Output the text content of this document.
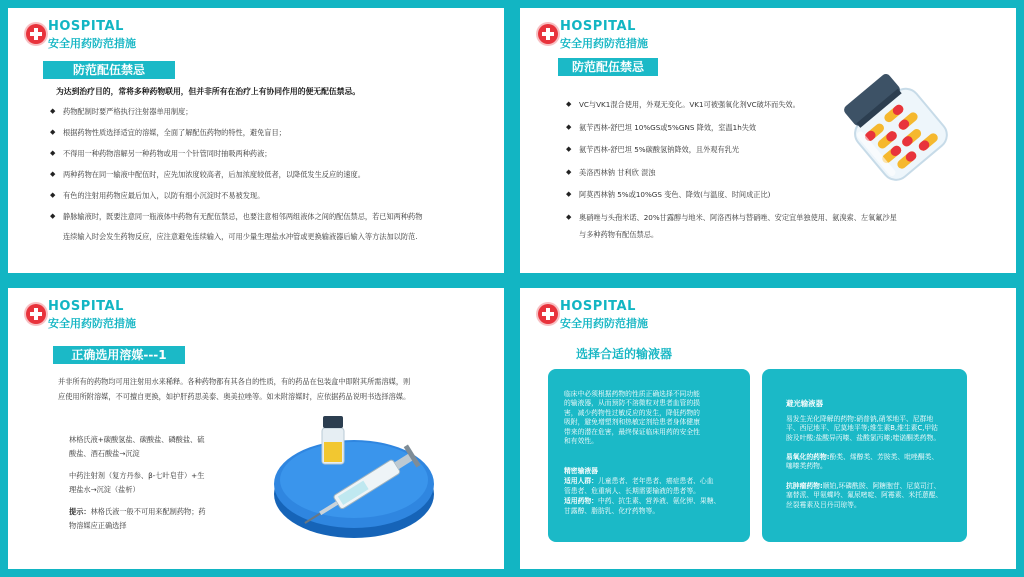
HOSPITAL
安全用药防范措施
防范配伍禁忌
为达到治疗目的，常将多种药物联用，但并非所有在治疗上有协同作用的便无配伍禁忌。
◆ 药物配制时要严格执行注射器单用制度；
◆ 根据药物性质选择适宜的溶媒，全面了解配伍药物的特性，避免盲目；
◆ 不得用一种药物溶解另一种药物或用一个针管同时抽吸两种药液；
◆ 两种药物在同一输液中配伍时，应先加浓度较高者，后加浓度较低者，以降低发生反应的速度。
◆ 有色的注射用药物应最后加入，以防有细小沉淀时不易被发现。
◆ 静脉输液时，既要注意同一瓶液体中药物有无配伍禁忌，也要注意相邻两组液体之间的配伍禁忌，若已知两种药物
连续输入时会发生药物反应，应注意避免连续输入，可用少量生理盐水冲管或更换输液器后输入等方法加以防范.
HOSPITAL
安全用药防范措施
防范配伍禁忌
◆ VC与VK1混合使用，外观无变化。VK1可被强氧化剂VC破坏而失效。
◆ 氨苄西林-舒巴坦 10%GS或5%GNS 降效，室温1h失效
◆ 氨苄西林-舒巴坦 5%碳酸氢钠降效，且外观有乳光
◆ 美洛西林钠 甘利欣 混浊
◆ 阿莫西林钠 5%或10%GS 变色、降效(与温度、时间成正比)
◆ 奥硝唑与头孢米诺、20%甘露醇与地米、阿洛西林与替硝唑、安定宜单独使用、氨溴索、左氧氟沙星
与多种药物有配伍禁忌。
HOSPITAL
安全用药防范措施
正确选用溶媒---1
并非所有的药物均可用注射用水来稀释。各种药物都有其各自的性质，有的药品在包装盒中即附其所需溶媒，则
应使用所附溶媒，不可擅自更换，如护肝药思美泰、奥美拉唑等。如未附溶媒时，应依据药品说明书选择溶媒。
林格氏液+碳酸氢盐、碳酸盐、磷酸盐、硫
酸盐、酒石酸盐→沉淀
中药注射剂（复方丹参、β-七叶皂苷）+生
理盐水→沉淀（盐析）
提示：林格氏液一般不可用来配制药物；药
物溶媒应正确选择
HOSPITAL
安全用药防范措施
选择合适的输液器
临床中必须根据药物的性质正确选择不同功能
的输液器，从而预防不溶微粒对患者血管的损
害，减少药物性过敏反应的发生，降低药物的
吸附，避免增塑剂和热敏定剂给患者身体健康
带来的潜在危害，最终保证临床用药的安全性
和有效性。
精密输液器
适用人群：儿童患者、老年患者、癌症患者、心血
管患者、危重病人、长期需要输液的患者等。
适用药物：中药、抗生素、营养液、氨化钾、果糖、
甘露醇、脂肪乳、化疗药物等。
避光输液器
易发生光化降解的药物:硝普钠,硝苯地平、尼群地
平、西尼地平、尼莫地平等;维生素B,维生素C,甲钴
胺及叶酸;盐酸异丙嗪、盐酸氯丙嗪;喹诺酮类药物。
易氧化的药物:酚类、烯醇类、芳胺类、吡唑酮类、
噻嗪类药物。
抗肿瘤药物:顺铂,环磷酰胺、阿糖胞苷、尼莫司汀、
塞替派、甲氨蝶呤、氟尿嘧啶、阿霉素、米托蒽醌、
丝裂霉素及吕丹司琼等。
